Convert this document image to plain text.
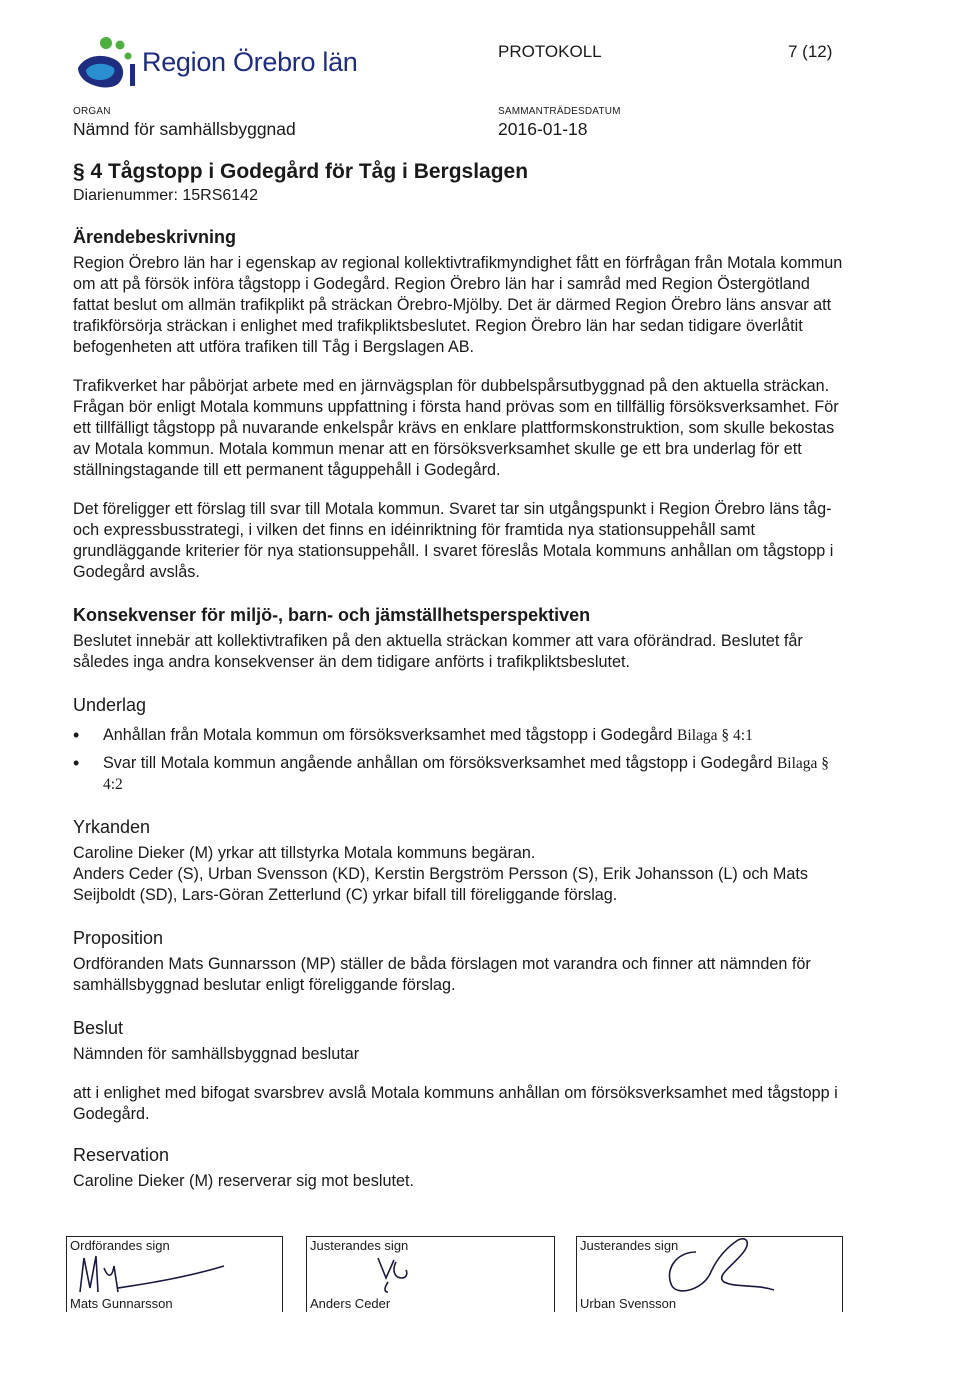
Region Örebro län	PROTOKOLL	7 (12)
ORGAN
Nämnd för samhällsbyggnad
SAMMANTRÄDESDATUM
2016-01-18
§ 4 Tågstopp i Godegård för Tåg i Bergslagen
Diarienummer: 15RS6142
Ärendebeskrivning

Region Örebro län har i egenskap av regional kollektivtrafikmyndighet fått en förfrågan från Motala kommun om att på försök införa tågstopp i Godegård. Region Örebro län har i samråd med Region Östergötland fattat beslut om allmän trafikplikt på sträckan Örebro-Mjölby. Det är därmed Region Örebro läns ansvar att trafikförsörja sträckan i enlighet med trafikpliktsbeslutet. Region Örebro län har sedan tidigare överlåtit befogenheten att utföra trafiken till Tåg i Bergslagen AB.

Trafikverket har påbörjat arbete med en järnvägsplan för dubbelspårsutbyggnad på den aktuella sträckan. Frågan bör enligt Motala kommuns uppfattning i första hand prövas som en tillfällig försöksverksamhet. För ett tillfälligt tågstopp på nuvarande enkelspår krävs en enklare plattformskonstruktion, som skulle bekostas av Motala kommun. Motala kommun menar att en försöksverksamhet skulle ge ett bra underlag för ett ställningstagande till ett permanent tåguppehåll i Godegård.

Det föreligger ett förslag till svar till Motala kommun. Svaret tar sin utgångspunkt i Region Örebro läns tåg- och expressbusstrategi, i vilken det finns en idéinriktning för framtida nya stationsuppehåll samt grundläggande kriterier för nya stationsuppehåll. I svaret föreslås Motala kommuns anhållan om tågstopp i Godegård avslås.

Konsekvenser för miljö-, barn- och jämställhetsperspektiven

Beslutet innebär att kollektivtrafiken på den aktuella sträckan kommer att vara oförändrad. Beslutet får således inga andra konsekvenser än dem tidigare anförts i trafikpliktsbeslutet.

Underlag
• Anhållan från Motala kommun om försöksverksamhet med tågstopp i Godegård Bilaga § 4:1
• Svar till Motala kommun angående anhållan om försöksverksamhet med tågstopp i Godegård Bilaga § 4:2
Yrkanden

Caroline Dieker (M) yrkar att tillstyrka Motala kommuns begäran.

Anders Ceder (S), Urban Svensson (KD), Kerstin Bergström Persson (S), Erik Johansson (L) och Mats Seijboldt (SD), Lars-Göran Zetterlund (C) yrkar bifall till föreliggande förslag.

Proposition

Ordföranden Mats Gunnarsson (MP) ställer de båda förslagen mot varandra och finner att nämnden för samhällsbyggnad beslutar enligt föreliggande förslag.

Beslut

Nämnden för samhällsbyggnad beslutar

att i enlighet med bifogat svarsbrev avslå Motala kommuns anhållan om försöksverksamhet med tågstopp i Godegård.

Reservation

Caroline Dieker (M) reserverar sig mot beslutet.

Ordförandes sign
Mats Gunnarsson
Justerandes sign
Anders Ceder
Justerandes sign
Urban Svensson
